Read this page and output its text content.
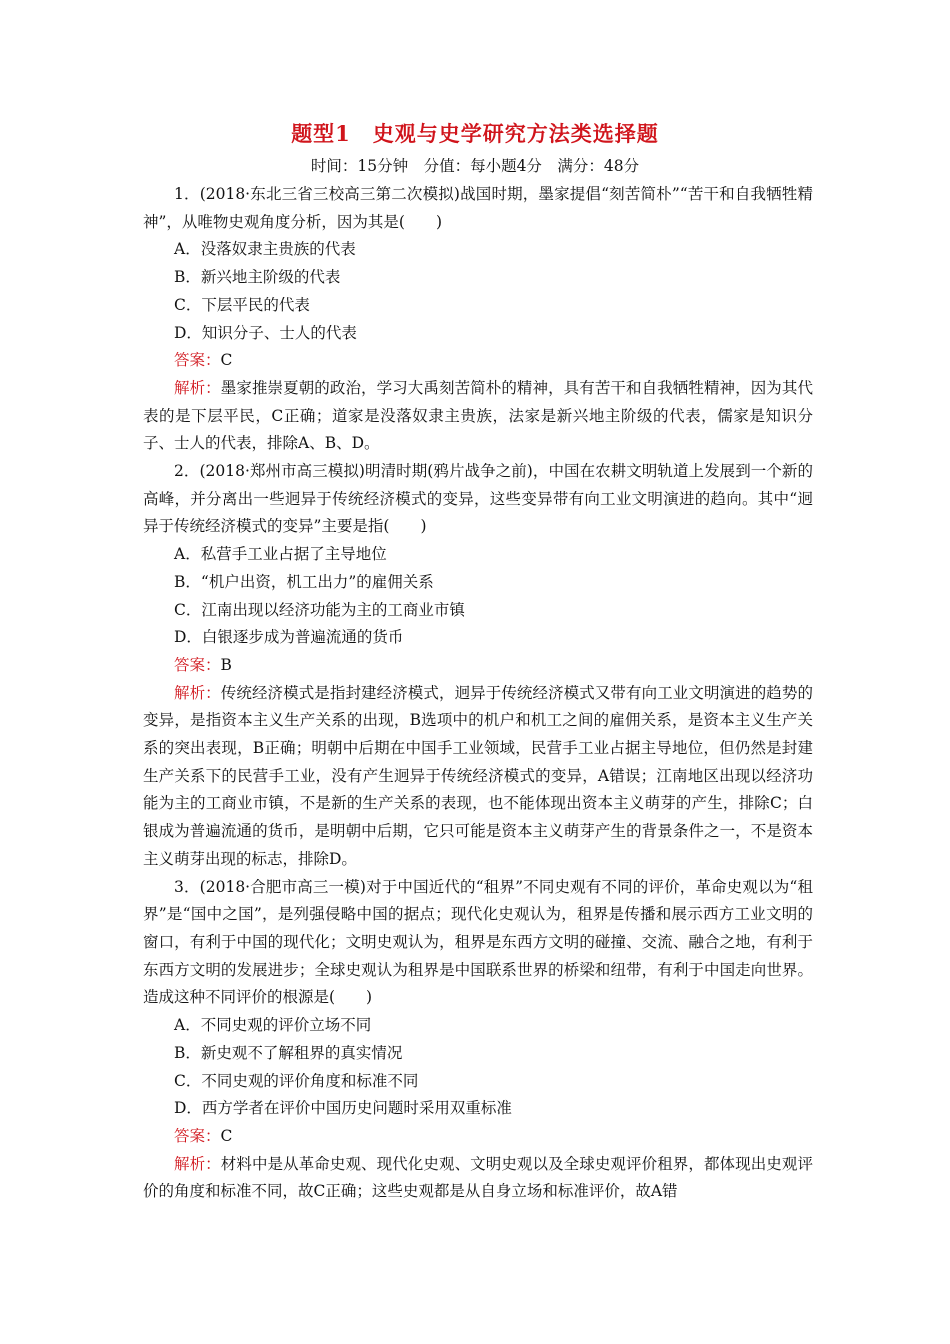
题型1　史观与史学研究方法类选择题
时间：15分钟　分值：每小题4分　满分：48分

1．(2018·东北三省三校高三第二次模拟)战国时期，墨家提倡“刻苦简朴”“苦干和自我牺牲精神”，从唯物史观角度分析，因为其是(　　)

A．没落奴隶主贵族的代表

B．新兴地主阶级的代表

C．下层平民的代表

D．知识分子、士人的代表

答案：C

解析：墨家推崇夏朝的政治，学习大禹刻苦简朴的精神，具有苦干和自我牺牲精神，因为其代表的是下层平民，C正确；道家是没落奴隶主贵族，法家是新兴地主阶级的代表，儒家是知识分子、士人的代表，排除A、B、D。

2．(2018·郑州市高三模拟)明清时期(鸦片战争之前)，中国在农耕文明轨道上发展到一个新的高峰，并分离出一些迥异于传统经济模式的变异，这些变异带有向工业文明演进的趋向。其中“迥异于传统经济模式的变异”主要是指(　　)

A．私营手工业占据了主导地位

B．“机户出资，机工出力”的雇佣关系

C．江南出现以经济功能为主的工商业市镇

D．白银逐步成为普遍流通的货币

答案：B

解析：传统经济模式是指封建经济模式，迥异于传统经济模式又带有向工业文明演进的趋势的变异，是指资本主义生产关系的出现，B选项中的机户和机工之间的雇佣关系，是资本主义生产关系的突出表现，B正确；明朝中后期在中国手工业领域，民营手工业占据主导地位，但仍然是封建生产关系下的民营手工业，没有产生迥异于传统经济模式的变异，A错误；江南地区出现以经济功能为主的工商业市镇，不是新的生产关系的表现，也不能体现出资本主义萌芽的产生，排除C；白银成为普遍流通的货币，是明朝中后期，它只可能是资本主义萌芽产生的背景条件之一，不是资本主义萌芽出现的标志，排除D。

3．(2018·合肥市高三一模)对于中国近代的“租界”不同史观有不同的评价，革命史观以为“租界”是“国中之国”，是列强侵略中国的据点；现代化史观认为，租界是传播和展示西方工业文明的窗口，有利于中国的现代化；文明史观认为，租界是东西方文明的碰撞、交流、融合之地，有利于东西方文明的发展进步；全球史观认为租界是中国联系世界的桥梁和纽带，有利于中国走向世界。造成这种不同评价的根源是(　　)

A．不同史观的评价立场不同

B．新史观不了解租界的真实情况

C．不同史观的评价角度和标准不同

D．西方学者在评价中国历史问题时采用双重标准

答案：C

解析：材料中是从革命史观、现代化史观、文明史观以及全球史观评价租界，都体现出史观评价的角度和标准不同，故C正确；这些史观都是从自身立场和标准评价，故A错
